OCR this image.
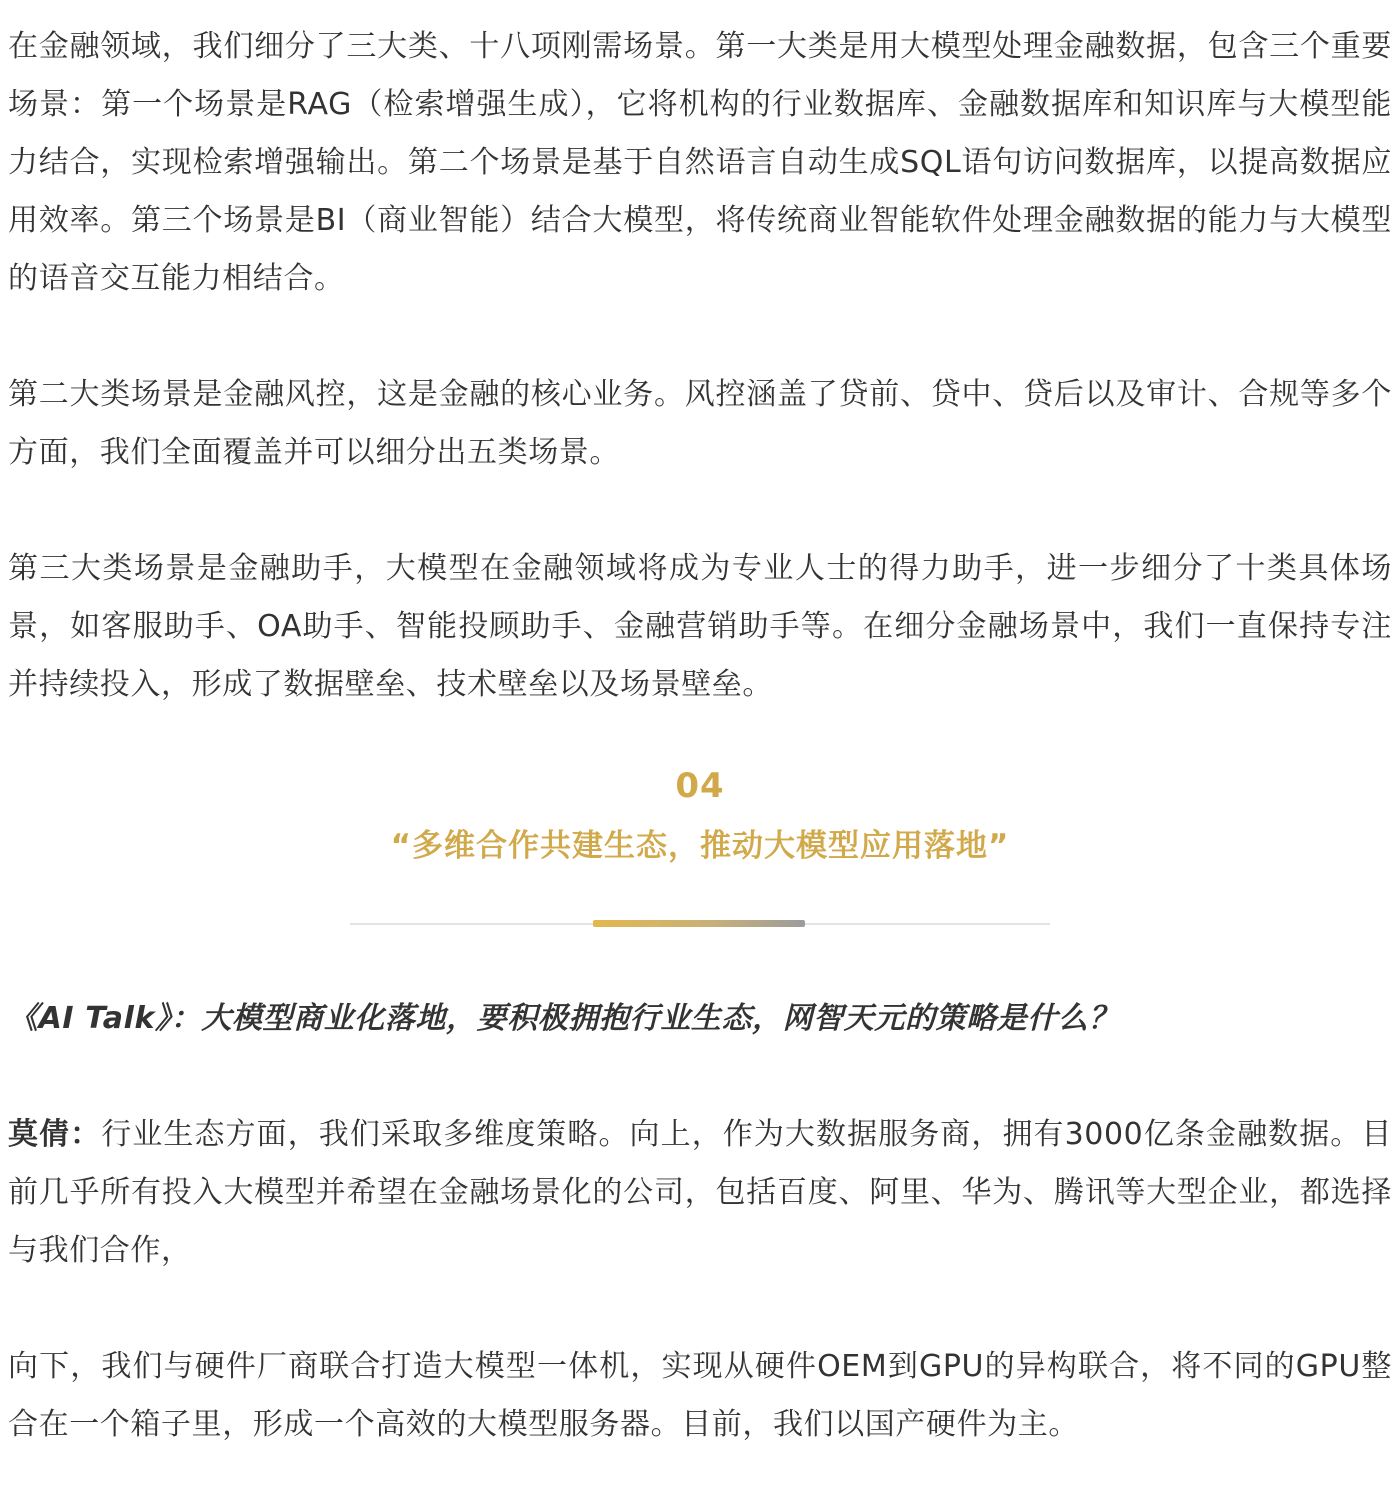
在金融领域，我们细分了三大类、十八项刚需场景。第一大类是用大模型处理金融数据，包含三个重要场景：第一个场景是RAG（检索增强生成），它将机构的行业数据库、金融数据库和知识库与大模型能力结合，实现检索增强输出。第二个场景是基于自然语言自动生成SQL语句访问数据库，以提高数据应用效率。第三个场景是BI（商业智能）结合大模型，将传统商业智能软件处理金融数据的能力与大模型的语音交互能力相结合。

第二大类场景是金融风控，这是金融的核心业务。风控涵盖了贷前、贷中、贷后以及审计、合规等多个方面，我们全面覆盖并可以细分出五类场景。

第三大类场景是金融助手，大模型在金融领域将成为专业人士的得力助手，进一步细分了十类具体场景，如客服助手、OA助手、智能投顾助手、金融营销助手等。在细分金融场景中，我们一直保持专注并持续投入，形成了数据壁垒、技术壁垒以及场景壁垒。

04
“多维合作共建生态，推动大模型应用落地”

《AI Talk》：大模型商业化落地，要积极拥抱行业生态，网智天元的策略是什么？

莫倩：行业生态方面，我们采取多维度策略。向上，作为大数据服务商，拥有3000亿条金融数据。目前几乎所有投入大模型并希望在金融场景化的公司，包括百度、阿里、华为、腾讯等大型企业，都选择与我们合作，

向下，我们与硬件厂商联合打造大模型一体机，实现从硬件OEM到GPU的异构联合，将不同的GPU整合在一个箱子里，形成一个高效的大模型服务器。目前，我们以国产硬件为主。
